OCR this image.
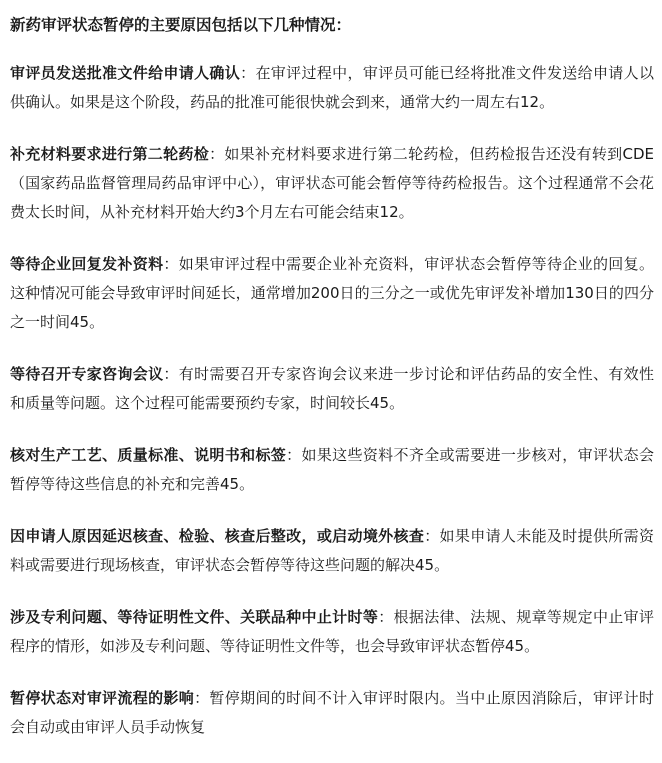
新药审评状态暂停的主要原因包括以下几种情况：

审评员发送批准文件给申请人确认：在审评过程中，审评员可能已经将批准文件发送给申请人以供确认。如果是这个阶段，药品的批准可能很快就会到来，通常大约一周左右12。

补充材料要求进行第二轮药检：如果补充材料要求进行第二轮药检，但药检报告还没有转到CDE（国家药品监督管理局药品审评中心），审评状态可能会暂停等待药检报告。这个过程通常不会花费太长时间，从补充材料开始大约3个月左右可能会结束12。

等待企业回复发补资料：如果审评过程中需要企业补充资料，审评状态会暂停等待企业的回复。这种情况可能会导致审评时间延长，通常增加200日的三分之一或优先审评发补增加130日的四分之一时间45。

等待召开专家咨询会议：有时需要召开专家咨询会议来进一步讨论和评估药品的安全性、有效性和质量等问题。这个过程可能需要预约专家，时间较长45。

核对生产工艺、质量标准、说明书和标签：如果这些资料不齐全或需要进一步核对，审评状态会暂停等待这些信息的补充和完善45。

因申请人原因延迟核查、检验、核查后整改，或启动境外核查：如果申请人未能及时提供所需资料或需要进行现场核查，审评状态会暂停等待这些问题的解决45。

涉及专利问题、等待证明性文件、关联品种中止计时等：根据法律、法规、规章等规定中止审评程序的情形，如涉及专利问题、等待证明性文件等，也会导致审评状态暂停45。

暂停状态对审评流程的影响：暂停期间的时间不计入审评时限内。当中止原因消除后，审评计时会自动或由审评人员手动恢复
